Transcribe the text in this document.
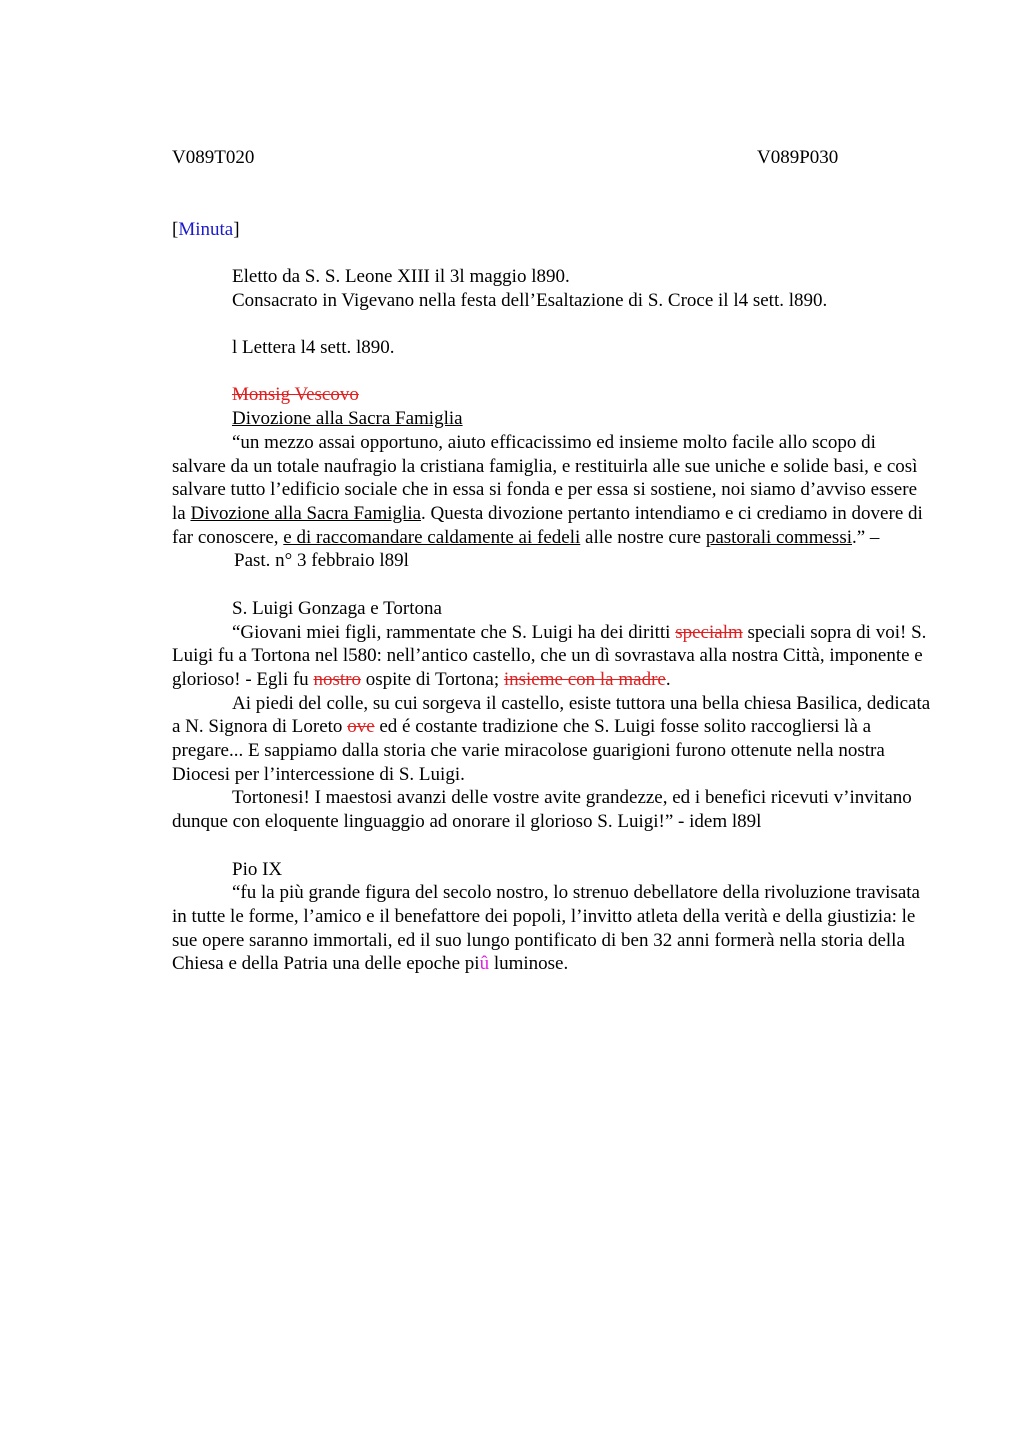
V089T020	V089P030
[Minuta]
Eletto da S. S. Leone XIII il 3l maggio l890.
Consacrato in Vigevano nella festa dell’Esaltazione di S. Croce il l4 sett. l890.
l Lettera l4 sett. l890.
Monsig Vescovo
Divozione alla Sacra Famiglia
“un mezzo assai opportuno, aiuto efficacissimo ed insieme molto facile allo scopo di salvare da un totale naufragio la cristiana famiglia, e restituirla alle sue uniche e solide basi, e così salvare tutto l’edificio sociale che in essa si fonda e per essa si sostiene, noi siamo d’avviso essere la Divozione alla Sacra Famiglia. Questa divozione pertanto intendiamo e ci crediamo in dovere di far conoscere, e di raccomandare caldamente ai fedeli alle nostre cure pastorali commessi.” –Past. n° 3 febbraio l89l
S. Luigi Gonzaga e Tortona
“Giovani miei figli, rammentate che S. Luigi ha dei diritti specialm speciali sopra di voi! S. Luigi fu a Tortona nel l580: nell’antico castello, che un dì sovrastava alla nostra Città, imponente e glorioso! - Egli fu nostro ospite di Tortona; insieme con la madre.
Ai piedi del colle, su cui sorgeva il castello, esiste tuttora una bella chiesa Basilica, dedicata a N. Signora di Loreto ove ed é costante tradizione che S. Luigi fosse solito raccogliersi là a pregare... E sappiamo dalla storia che varie miracolose guarigioni furono ottenute nella nostra Diocesi per l’intercessione di S. Luigi.
Tortonesi! I maestosi avanzi delle vostre avite grandezze, ed i benefici ricevuti v’invitano dunque con eloquente linguaggio ad onorare il glorioso S. Luigi!” - idem l89l
Pio IX
“fu la più grande figura del secolo nostro, lo strenuo debellatore della rivoluzione travisata in tutte le forme, l’amico e il benefattore dei popoli, l’invitto atleta della verità e della giustizia: le sue opere saranno immortali, ed il suo lungo pontificato di ben 32 anni formerà nella storia della Chiesa e della Patria una delle epoche piû luminose.
